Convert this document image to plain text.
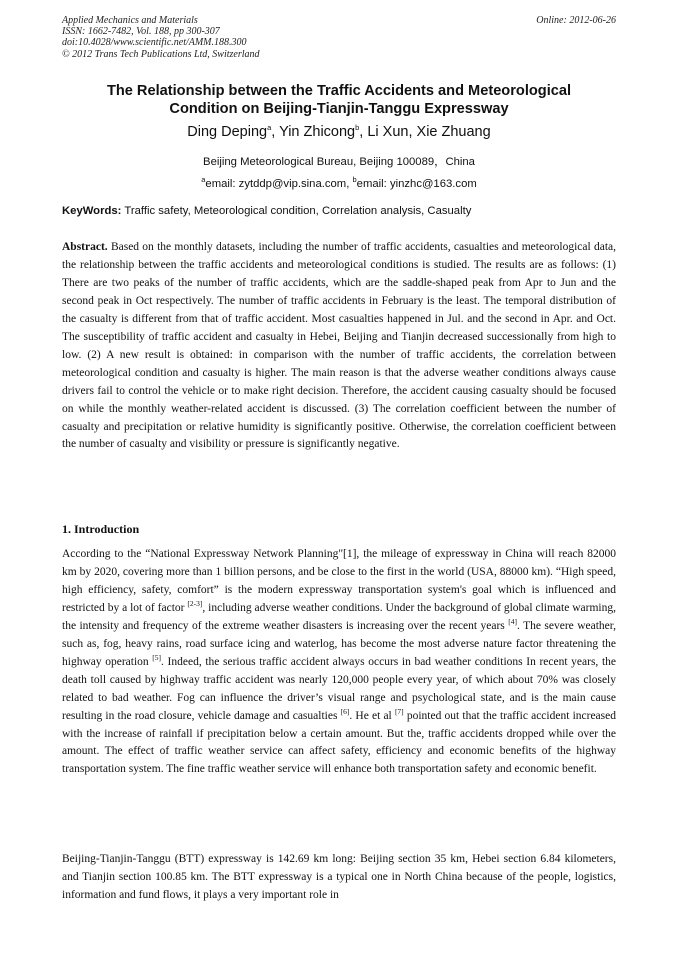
Applied Mechanics and Materials
ISSN: 1662-7482, Vol. 188, pp 300-307
doi:10.4028/www.scientific.net/AMM.188.300
© 2012 Trans Tech Publications Ltd, Switzerland
Online: 2012-06-26
The Relationship between the Traffic Accidents and Meteorological
Condition on Beijing-Tianjin-Tanggu Expressway
Ding Deping$^a$, Yin Zhicong$^b$, Li Xun, Xie Zhuang
Beijing Meteorological Bureau, Beijing 100089，China
$^a$email: zytddp@vip.sina.com, $^b$email: yinzhc@163.com
KeyWords: Traffic safety, Meteorological condition, Correlation analysis, Casualty

Abstract. Based on the monthly datasets, including the number of traffic accidents, casualties and meteorological data, the relationship between the traffic accidents and meteorological conditions is studied. The results are as follows: (1) There are two peaks of the number of traffic accidents, which are the saddle-shaped peak from Apr to Jun and the second peak in Oct respectively. The number of traffic accidents in February is the least. The temporal distribution of the casualty is different from that of traffic accident. Most casualties happened in Jul. and the second in Apr. and Oct. The susceptibility of traffic accident and casualty in Hebei, Beijing and Tianjin decreased successionally from high to low. (2) A new result is obtained: in comparison with the number of traffic accidents, the correlation between meteorological condition and casualty is higher. The main reason is that the adverse weather conditions always cause drivers fail to control the vehicle or to make right decision. Therefore, the accident causing casualty should be focused on while the monthly weather-related accident is discussed. (3) The correlation coefficient between the number of casualty and precipitation or relative humidity is significantly positive. Otherwise, the correlation coefficient between the number of casualty and visibility or pressure is significantly negative.

1. Introduction

According to the “National Expressway Network Planning"[1], the mileage of expressway in China will reach 82000 km by 2020, covering more than 1 billion persons, and be close to the first in the world (USA, 88000 km). “High speed, high efficiency, safety, comfort” is the modern expressway transportation system's goal which is influenced and restricted by a lot of factor [2-3], including adverse weather conditions. Under the background of global climate warming, the intensity and frequency of the extreme weather disasters is increasing over the recent years [4]. The severe weather, such as, fog, heavy rains, road surface icing and waterlog, has become the most adverse nature factor threatening the highway operation [5]. Indeed, the serious traffic accident always occurs in bad weather conditions In recent years, the death toll caused by highway traffic accident was nearly 120,000 people every year, of which about 70% was closely related to bad weather. Fog can influence the driver’s visual range and psychological state, and is the main cause resulting in the road closure, vehicle damage and casualties [6]. He et al [7] pointed out that the traffic accident increased with the increase of rainfall if precipitation below a certain amount. But the, traffic accidents dropped while over the amount. The effect of traffic weather service can affect safety, efficiency and economic benefits of the highway transportation system. The fine traffic weather service will enhance both transportation safety and economic benefit.

Beijing-Tianjin-Tanggu (BTT) expressway is 142.69 km long: Beijing section 35 km, Hebei section 6.84 kilometers, and Tianjin section 100.85 km. The BTT expressway is a typical one in North China because of the people, logistics, information and fund flows, it plays a very important role in
